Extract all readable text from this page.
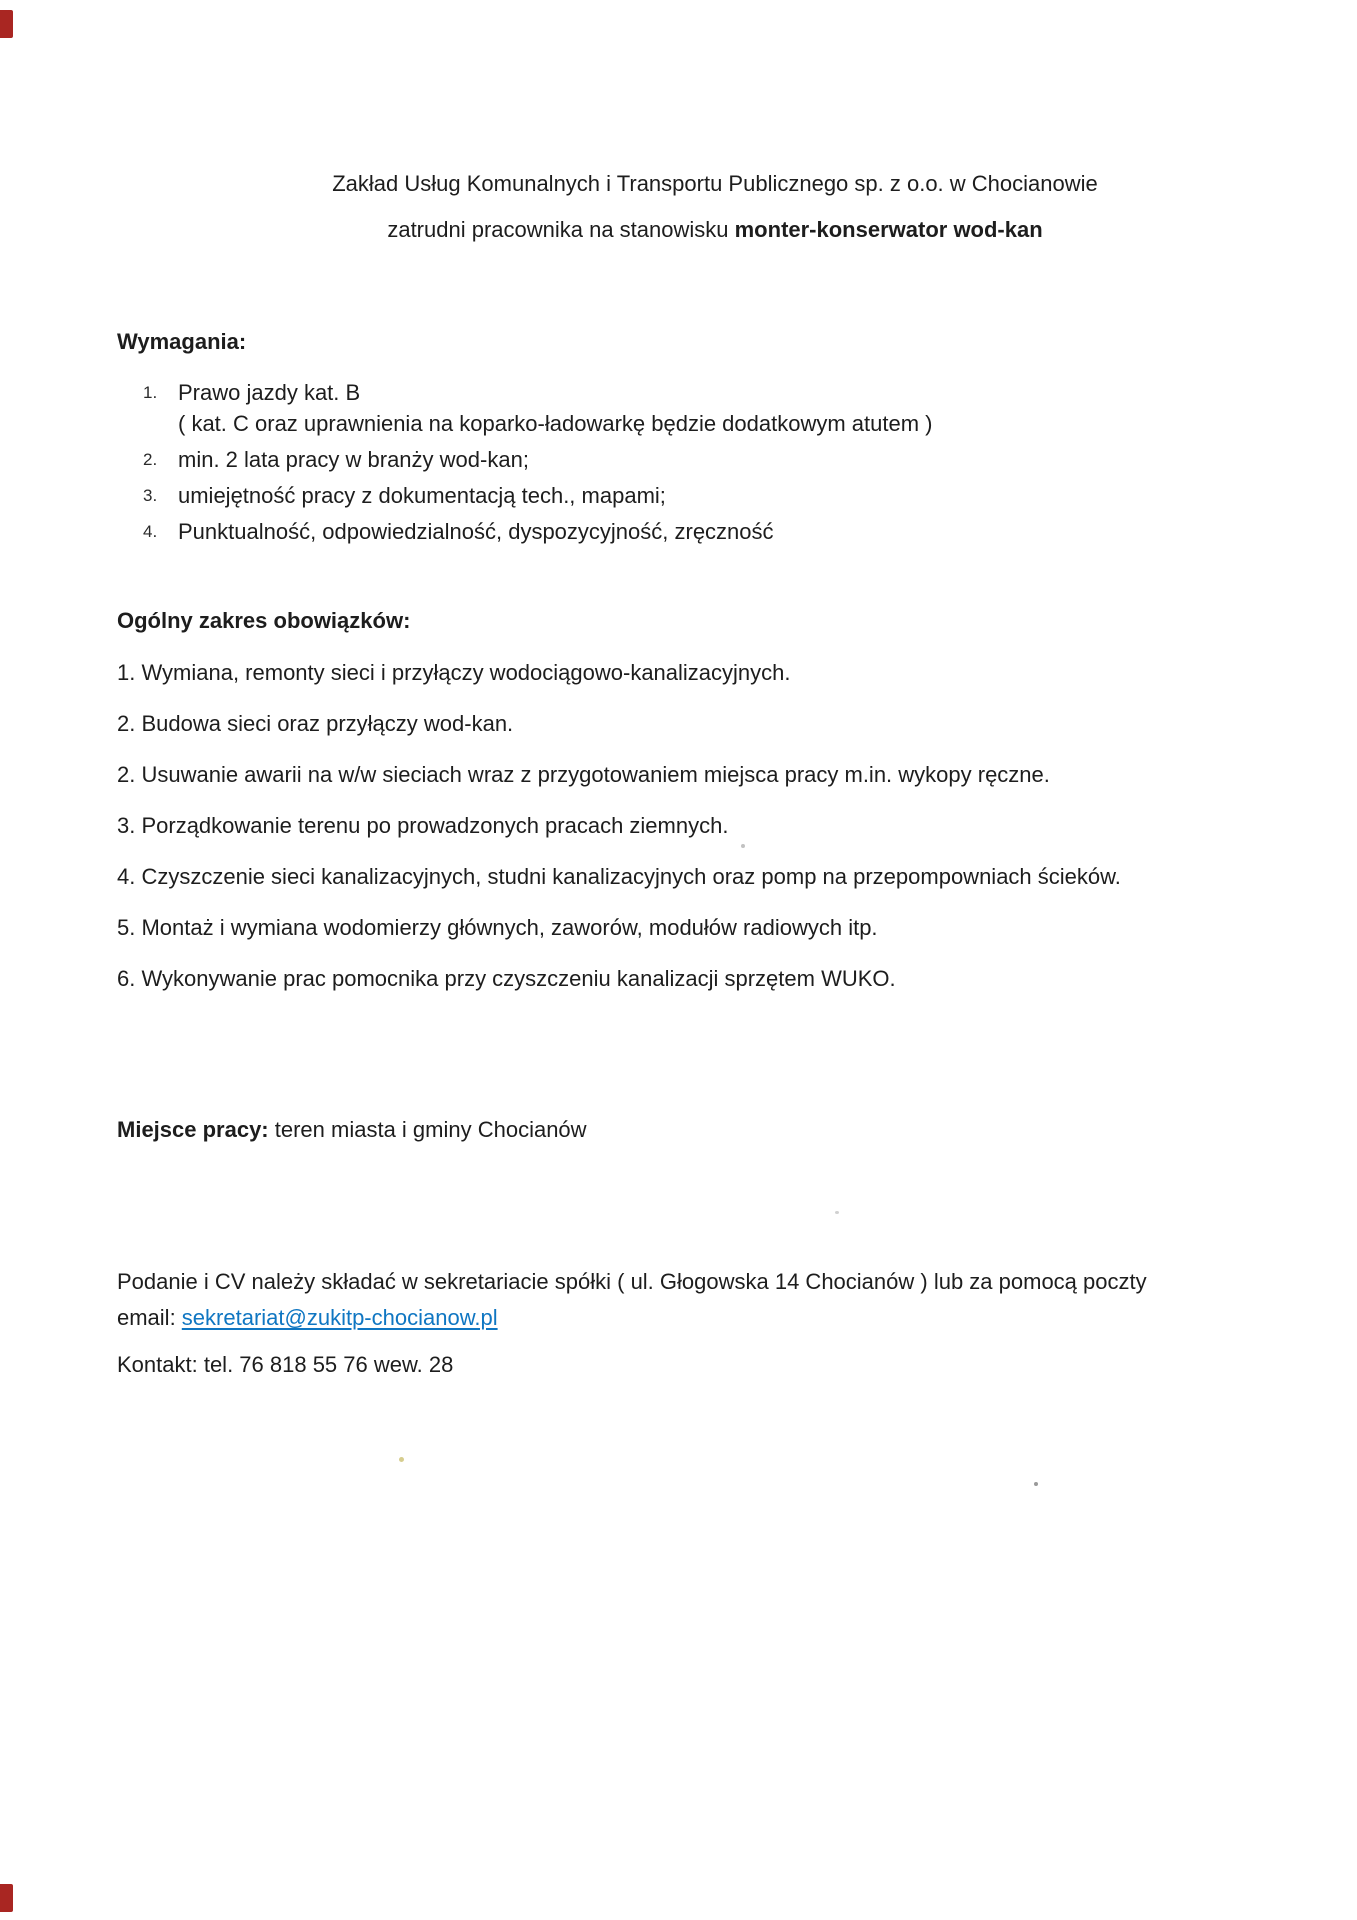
Zakład Usług Komunalnych i Transportu Publicznego sp. z o.o. w Chocianowie
zatrudni pracownika na stanowisku monter-konserwator wod-kan
Wymagania:
1. Prawo jazdy kat. B
( kat. C oraz uprawnienia na koparko-ładowarkę będzie dodatkowym atutem )
2. min. 2 lata pracy w branży wod-kan;
3. umiejętność pracy z dokumentacją tech., mapami;
4. Punktualność, odpowiedzialność, dyspozycyjność, zręczność
Ogólny zakres obowiązków:

1. Wymiana, remonty sieci i przyłączy wodociągowo-kanalizacyjnych.

2. Budowa sieci oraz przyłączy wod-kan.

2. Usuwanie awarii na w/w sieciach wraz z przygotowaniem miejsca pracy m.in. wykopy ręczne.

3. Porządkowanie terenu po prowadzonych pracach ziemnych.

4. Czyszczenie sieci kanalizacyjnych, studni kanalizacyjnych oraz pomp na przepompowniach ścieków.

5. Montaż i wymiana wodomierzy głównych, zaworów, modułów radiowych itp.

6. Wykonywanie prac pomocnika przy czyszczeniu kanalizacji sprzętem WUKO.

Miejsce pracy: teren miasta i gminy Chocianów
Podanie i CV należy składać w sekretariacie spółki ( ul. Głogowska 14 Chocianów ) lub za pomocą poczty
email: sekretariat@zukitp-chocianow.pl
Kontakt: tel. 76 818 55 76 wew. 28
